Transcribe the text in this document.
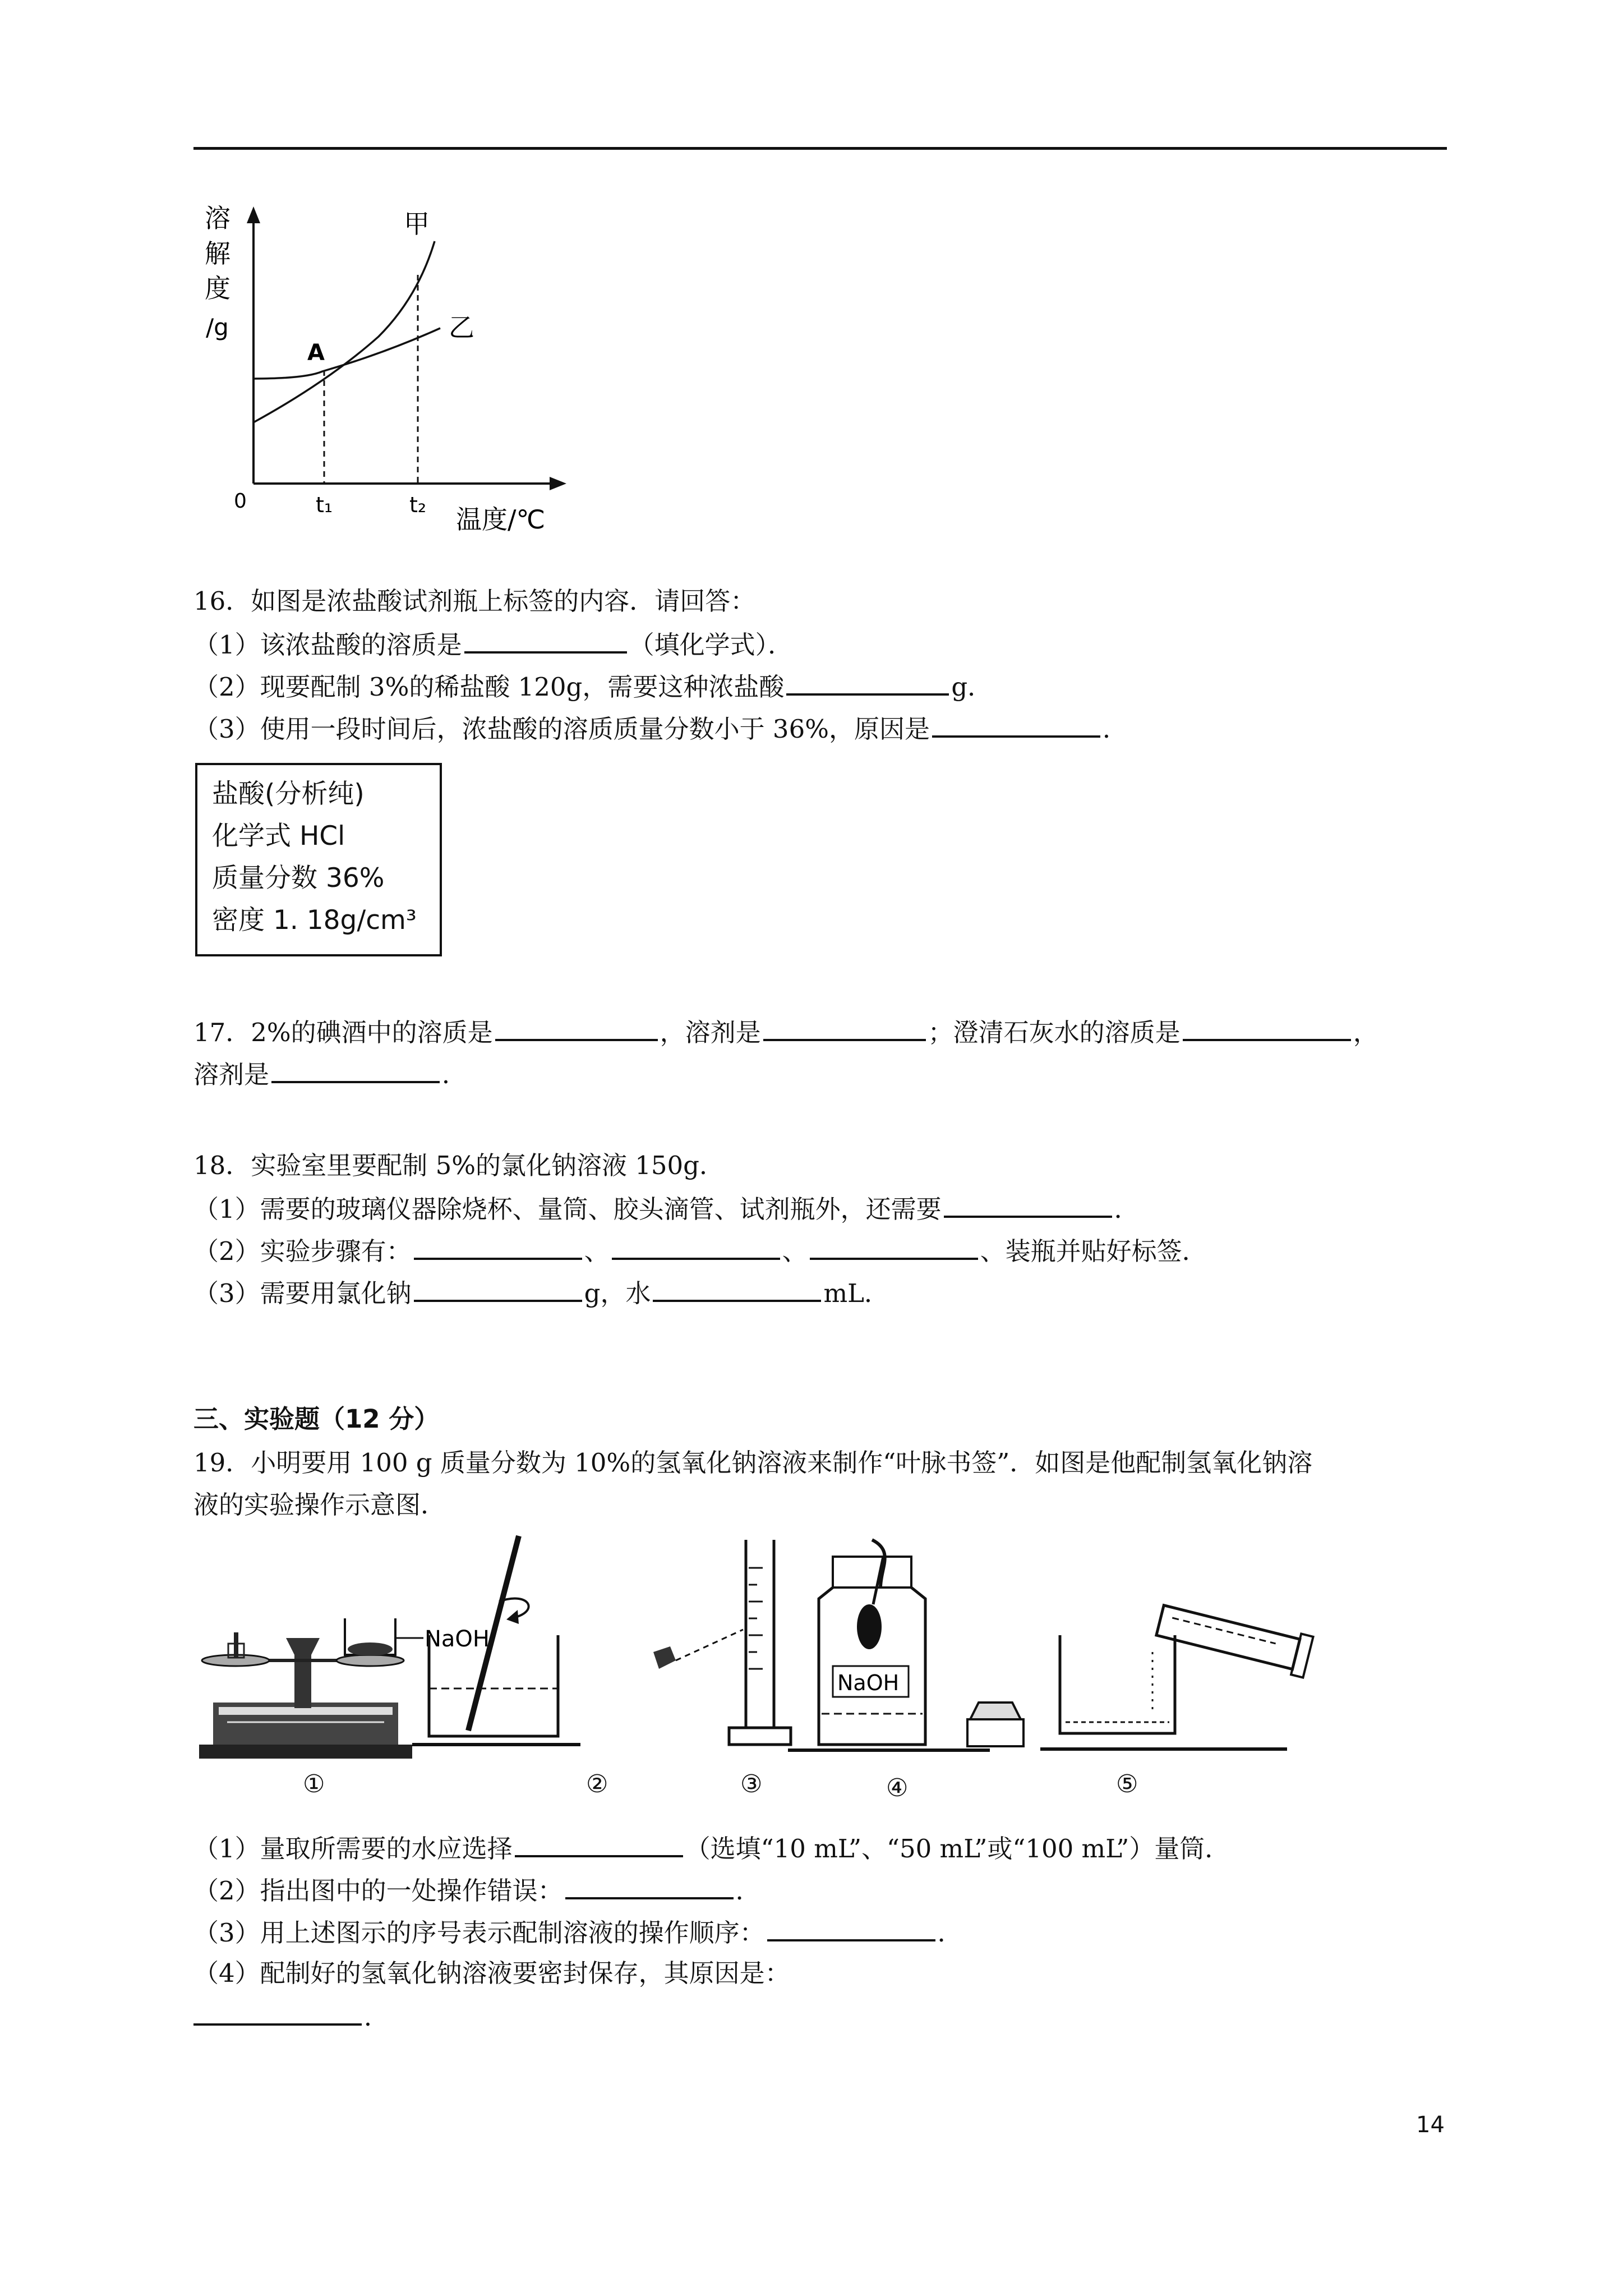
溶
解
度
/g
0
甲
乙
A
t₁	t₂ 温度/℃
16．如图是浓盐酸试剂瓶上标签的内容．请回答：
（1）该浓盐酸的溶质是	（填化学式）．
（2）现要配制 3%的稀盐酸 120g，需要这种浓盐酸	g．
（3）使用一段时间后，浓盐酸的溶质质量分数小于 36%，原因是	．
盐酸(分析纯)
化学式 HCl
质量分数 36%
密度 1. 18g/cm³
17．2%的碘酒中的溶质是	，溶剂是	；澄清石灰水的溶质是	，
溶剂是	．
18．实验室里要配制 5%的氯化钠溶液 150g．
（1）需要的玻璃仪器除烧杯、量筒、胶头滴管、试剂瓶外，还需要	．
（2）实验步骤有：	、	、	、装瓶并贴好标签．
（3）需要用氯化钠	g，水	mL．
三、实验题（12 分）
19．小明要用 100 g 质量分数为 10%的氢氧化钠溶液来制作“叶脉书签”．如图是他配制氢氧化钠溶
液的实验操作示意图．
NaOH
NaOH
①	②	③	④	⑤
（1）量取所需要的水应选择	（选填“10 mL”、“50 mL”或“100 mL”）量筒．
（2）指出图中的一处操作错误：	．
（3）用上述图示的序号表示配制溶液的操作顺序：	．
（4）配制好的氢氧化钠溶液要密封保存，其原因是：
．
14
